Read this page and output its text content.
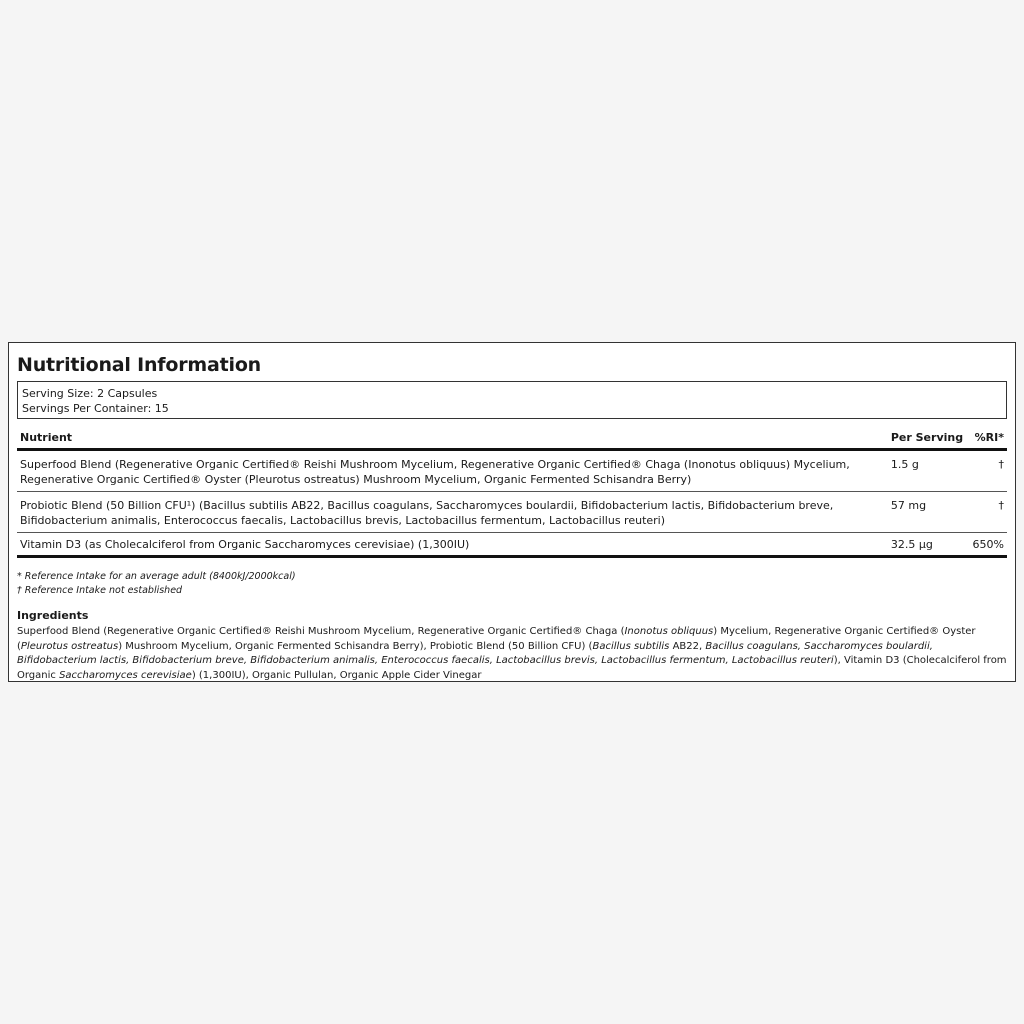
Nutritional Information
Serving Size: 2 Capsules
Servings Per Container: 15
Nutrient	Per Serving	%RI*
Superfood Blend (Regenerative Organic Certified® Reishi Mushroom Mycelium, Regenerative Organic Certified® Chaga (Inonotus obliquus) Mycelium, Regenerative Organic Certified® Oyster (Pleurotus ostreatus) Mushroom Mycelium, Organic Fermented Schisandra Berry)	1.5 g	†
Probiotic Blend (50 Billion CFU¹) (Bacillus subtilis AB22, Bacillus coagulans, Saccharomyces boulardii, Bifidobacterium lactis, Bifidobacterium breve, Bifidobacterium animalis, Enterococcus faecalis, Lactobacillus brevis, Lactobacillus fermentum, Lactobacillus reuteri)	57 mg	†
Vitamin D3 (as Cholecalciferol from Organic Saccharomyces cerevisiae) (1,300IU)	32.5 µg	650%
* Reference Intake for an average adult (8400kJ/2000kcal)
† Reference Intake not established
Ingredients
Superfood Blend (Regenerative Organic Certified® Reishi Mushroom Mycelium, Regenerative Organic Certified® Chaga (Inonotus obliquus) Mycelium, Regenerative Organic Certified® Oyster (Pleurotus ostreatus) Mushroom Mycelium, Organic Fermented Schisandra Berry), Probiotic Blend (50 Billion CFU) (Bacillus subtilis AB22, Bacillus coagulans, Saccharomyces boulardii, Bifidobacterium lactis, Bifidobacterium breve, Bifidobacterium animalis, Enterococcus faecalis, Lactobacillus brevis, Lactobacillus fermentum, Lactobacillus reuteri), Vitamin D3 (Cholecalciferol from Organic Saccharomyces cerevisiae) (1,300IU), Organic Pullulan, Organic Apple Cider Vinegar
